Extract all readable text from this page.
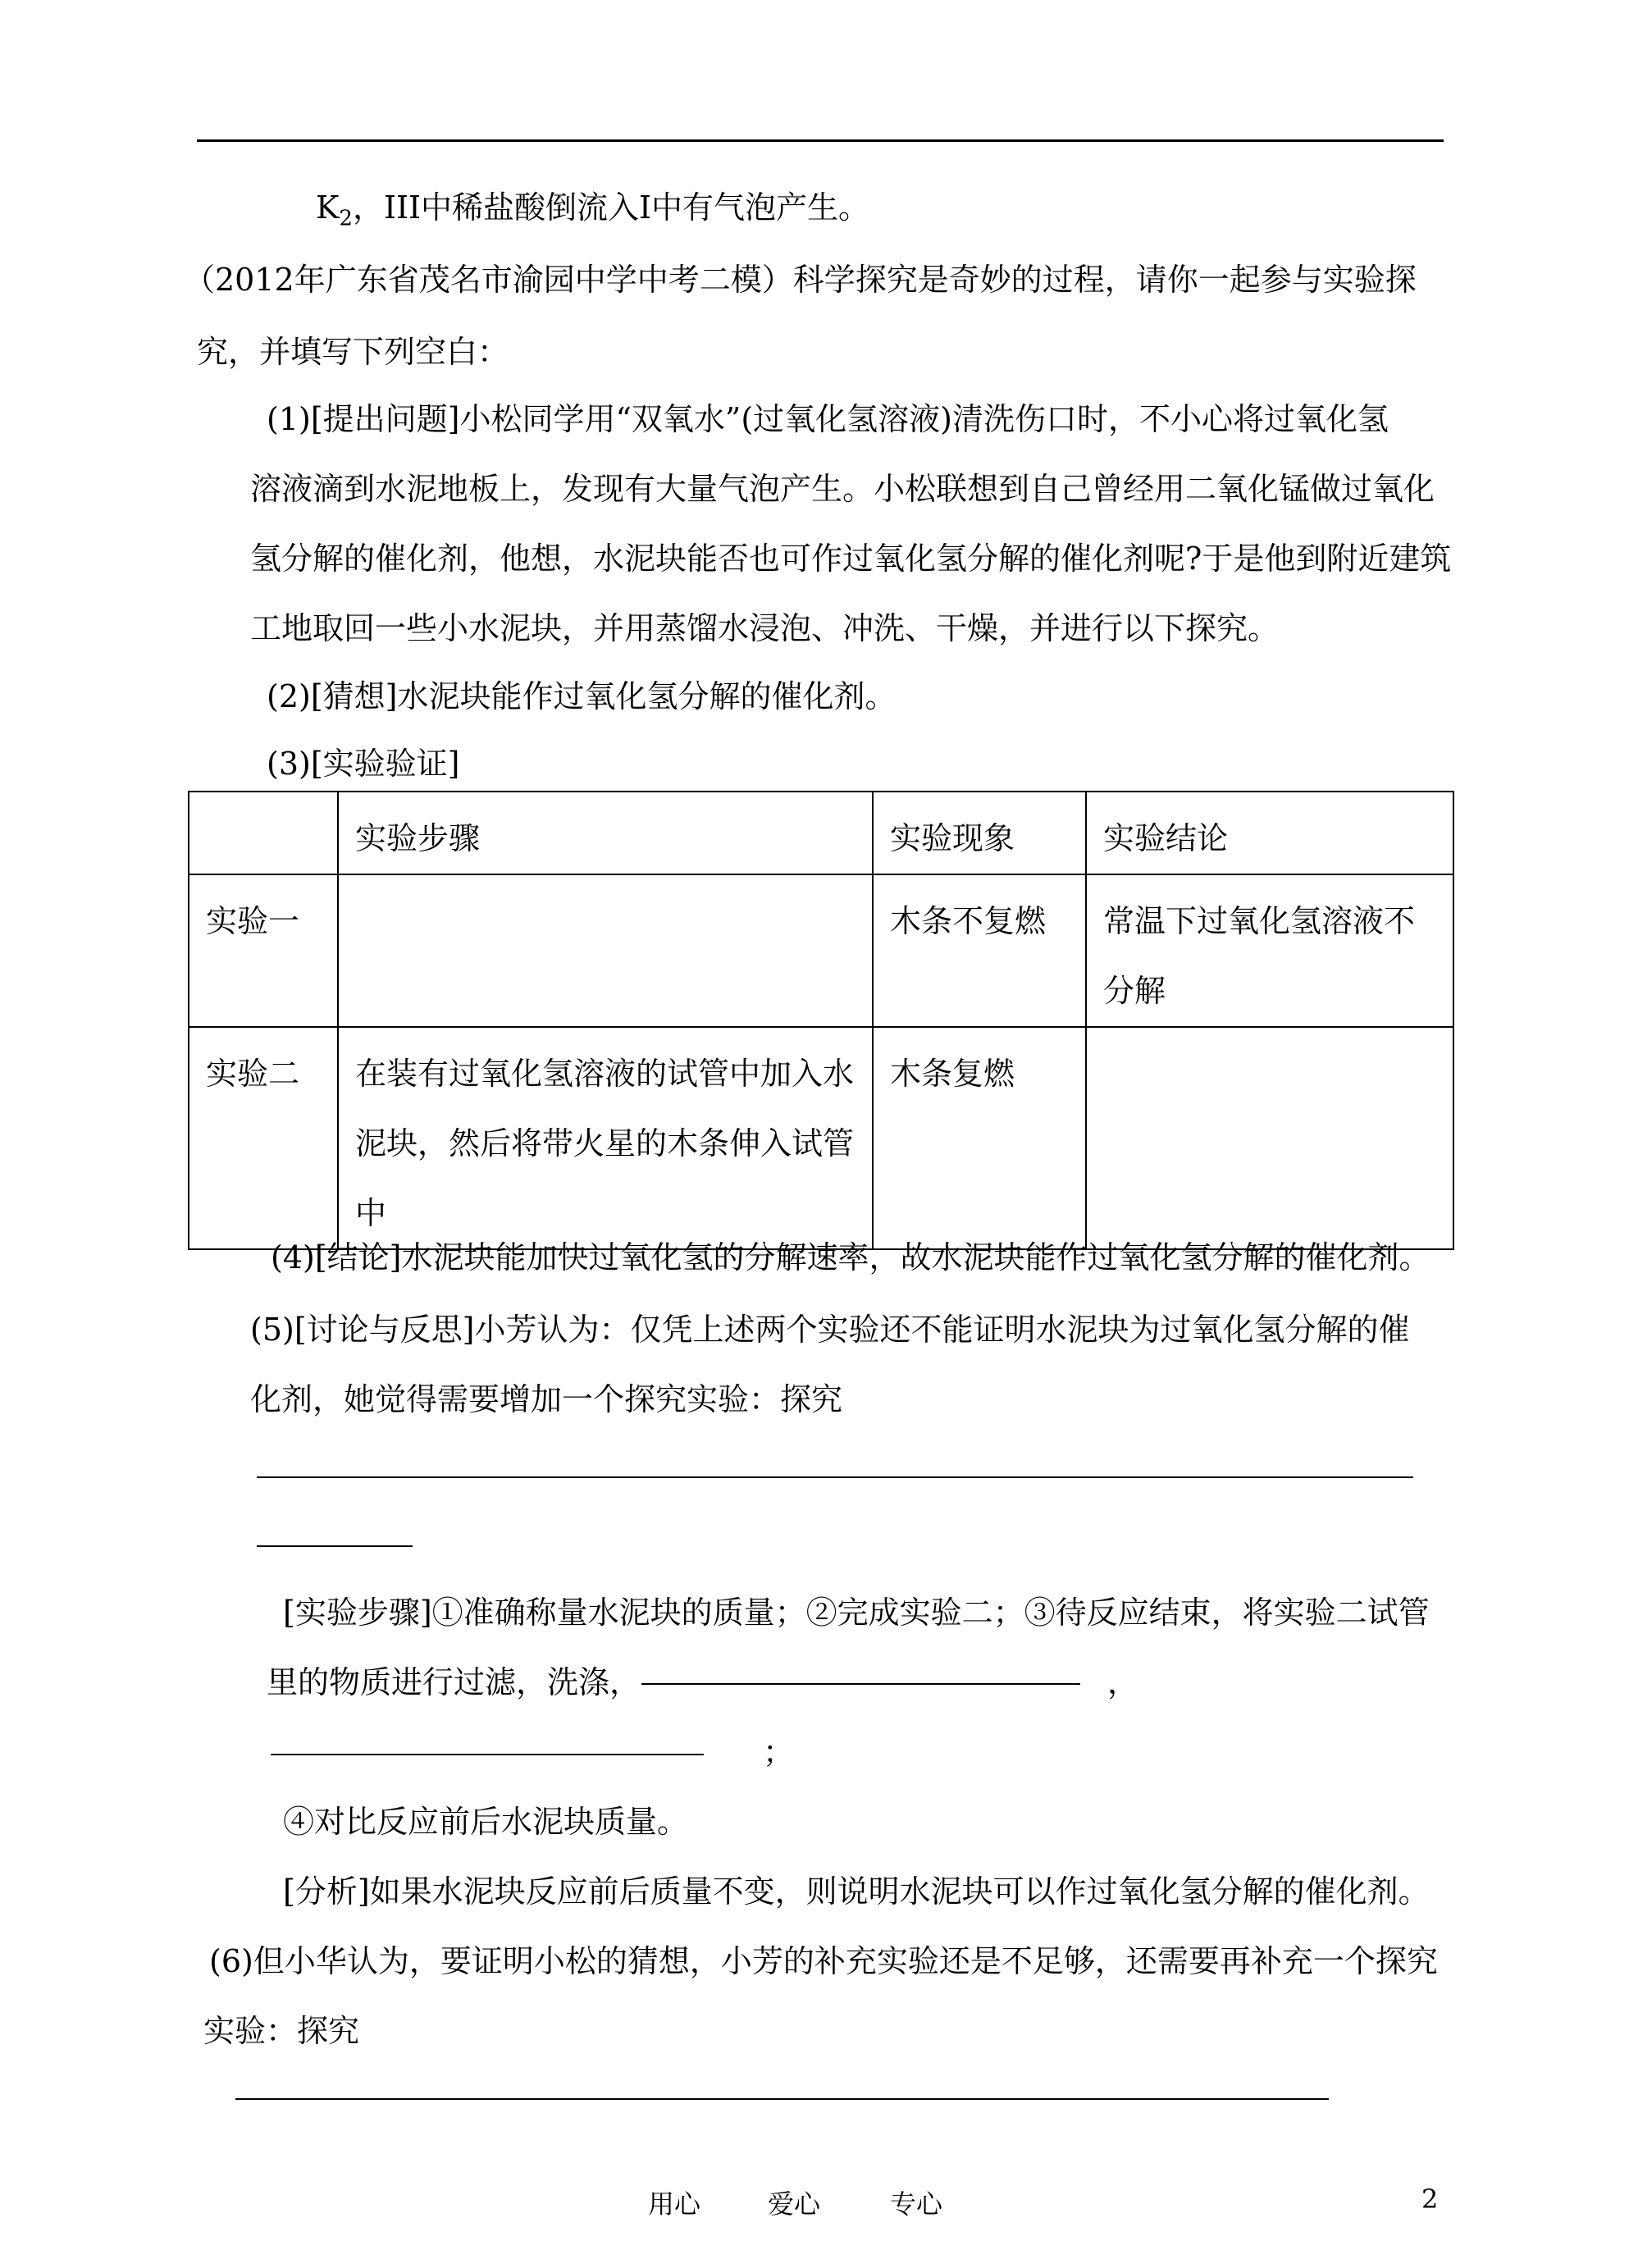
$K_2$，III中稀盐酸倒流入Ⅰ中有气泡产生。
（2012年广东省茂名市渝园中学中考二模）科学探究是奇妙的过程，请你一起参与实验探
究，并填写下列空白：
(1)[提出问题]小松同学用“双氧水”(过氧化氢溶液)清洗伤口时，不小心将过氧化氢
溶液滴到水泥地板上，发现有大量气泡产生。小松联想到自己曾经用二氧化锰做过氧化
氢分解的催化剂，他想，水泥块能否也可作过氧化氢分解的催化剂呢?于是他到附近建筑
工地取回一些小水泥块，并用蒸馏水浸泡、冲洗、干燥，并进行以下探究。
(2)[猜想]水泥块能作过氧化氢分解的催化剂。
(3)[实验验证]
	实验步骤	实验现象	实验结论
实验一		木条不复燃	常温下过氧化氢溶液不分解
实验二	在装有过氧化氢溶液的试管中加入水泥块，然后将带火星的木条伸入试管中	木条复燃	
(4)[结论]水泥块能加快过氧化氢的分解速率，故水泥块能作过氧化氢分解的催化剂。
(5)[讨论与反思]小芳认为：仅凭上述两个实验还不能证明水泥块为过氧化氢分解的催
化剂，她觉得需要增加一个探究实验：探究
[实验步骤]①准确称量水泥块的质量；②完成实验二；③待反应结束，将实验二试管
里的物质进行过滤，洗涤，	，
；
④对比反应前后水泥块质量。
[分析]如果水泥块反应前后质量不变，则说明水泥块可以作过氧化氢分解的催化剂。
(6)但小华认为，要证明小松的猜想，小芳的补充实验还是不足够，还需要再补充一个探究
实验：探究
用心	爱心	专心	2
